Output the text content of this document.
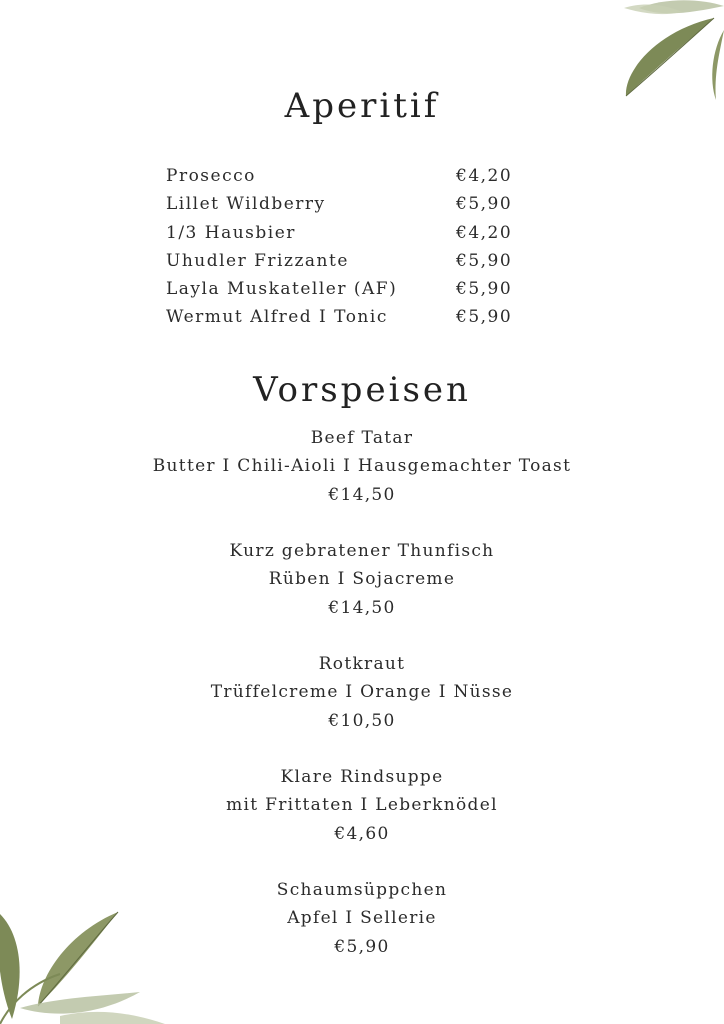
Aperitif
Prosecco	€4,20
Lillet Wildberry	€5,90
1/3 Hausbier	€4,20
Uhudler Frizzante	€5,90
Layla Muskateller (AF)	€5,90
Wermut Alfred I Tonic	€5,90
Vorspeisen
Beef Tatar
Butter I Chili-Aioli I Hausgemachter Toast
€14,50
Kurz gebratener Thunfisch
Rüben I Sojacreme
€14,50
Rotkraut
Trüffelcreme I Orange I Nüsse
€10,50
Klare Rindsuppe
mit Frittaten I Leberknödel
€4,60
Schaumsüppchen
Apfel I Sellerie
€5,90
